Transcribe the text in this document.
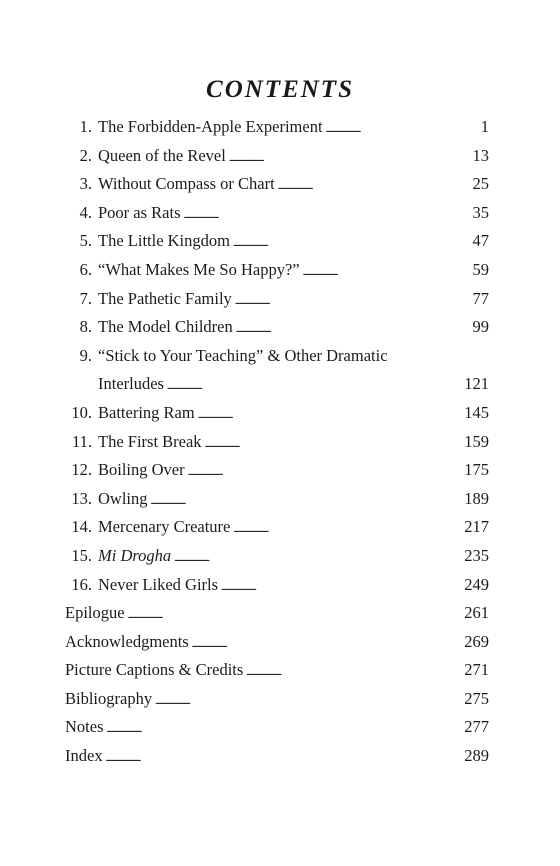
CONTENTS
1. The Forbidden-Apple Experiment . . .	1
2. Queen of the Revel . . .	13
3. Without Compass or Chart . . .	25
4. Poor as Rats . . .	35
5. The Little Kingdom . . .	47
6. “What Makes Me So Happy?” . . .	59
7. The Pathetic Family . . .	77
8. The Model Children . . .	99
9. “Stick to Your Teaching” & Other Dramatic
Interludes . . .	121
10. Battering Ram . . .	145
11. The First Break . . .	159
12. Boiling Over . . .	175
13. Owling . . .	189
14. Mercenary Creature . . .	217
15. Mi Drogha . . .	235
16. Never Liked Girls . . .	249
Epilogue . . .	261
Acknowledgments . . .	269
Picture Captions & Credits . . .	271
Bibliography . . .	275
Notes . . .	277
Index . . .	289
